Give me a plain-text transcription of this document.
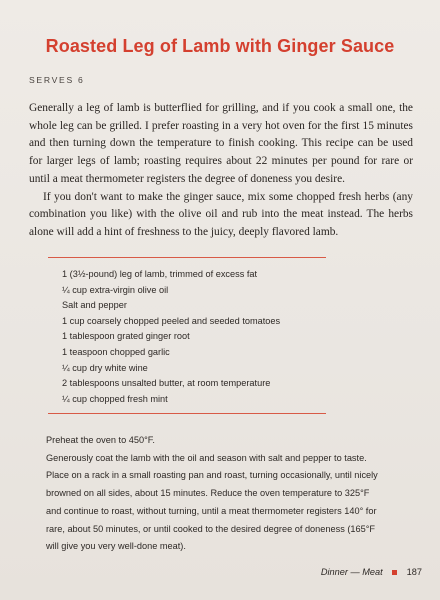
Roasted Leg of Lamb with Ginger Sauce
SERVES 6

Generally a leg of lamb is butterflied for grilling, and if you cook a small one, the whole leg can be grilled. I prefer roasting in a very hot oven for the first 15 minutes and then turning down the temperature to finish cooking. This recipe can be used for larger legs of lamb; roasting requires about 22 minutes per pound for rare or until a meat thermometer registers the degree of doneness you desire.

If you don't want to make the ginger sauce, mix some chopped fresh herbs (any combination you like) with the olive oil and rub into the meat instead. The herbs alone will add a hint of freshness to the juicy, deeply flavored lamb.

1 (3½-pound) leg of lamb, trimmed of excess fat
¼ cup extra-virgin olive oil
Salt and pepper
1 cup coarsely chopped peeled and seeded tomatoes
1 tablespoon grated ginger root
1 teaspoon chopped garlic
¼ cup dry white wine
2 tablespoons unsalted butter, at room temperature
¼ cup chopped fresh mint

Preheat the oven to 450°F.

Generously coat the lamb with the oil and season with salt and pepper to taste. Place on a rack in a small roasting pan and roast, turning occasionally, until nicely browned on all sides, about 15 minutes. Reduce the oven temperature to 325°F and continue to roast, without turning, until a meat thermometer registers 140° for rare, about 50 minutes, or until cooked to the desired degree of doneness (165°F will give you very well-done meat).

Dinner — Meat	187
